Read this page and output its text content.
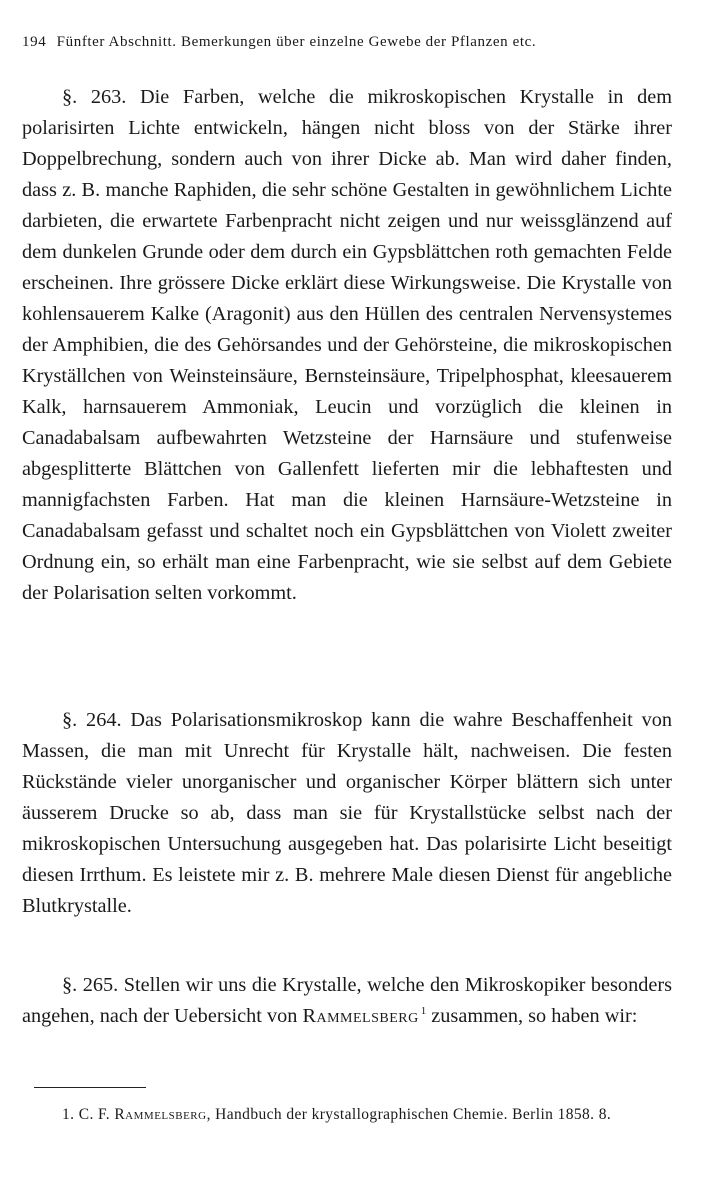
194 Fünfter Abschnitt. Bemerkungen über einzelne Gewebe der Pflanzen etc.

§. 263. Die Farben, welche die mikroskopischen Krystalle in dem polarisirten Lichte entwickeln, hängen nicht bloss von der Stärke ihrer Doppelbrechung, sondern auch von ihrer Dicke ab. Man wird daher finden, dass z. B. manche Raphiden, die sehr schöne Gestalten in gewöhnlichem Lichte darbieten, die erwartete Farbenpracht nicht zeigen und nur weissglänzend auf dem dunkelen Grunde oder dem durch ein Gypsblättchen roth gemachten Felde erscheinen. Ihre grössere Dicke erklärt diese Wirkungsweise. Die Krystalle von kohlensauerem Kalke (Aragonit) aus den Hüllen des centralen Nervensystemes der Amphibien, die des Gehörsandes und der Gehörsteine, die mikroskopischen Kryställchen von Weinsteinsäure, Bernsteinsäure, Tripelphosphat, kleesauerem Kalk, harnsauerem Ammoniak, Leucin und vorzüglich die kleinen in Canadabalsam aufbewahrten Wetzsteine der Harnsäure und stufenweise abgesplitterte Blättchen von Gallenfett lieferten mir die lebhaftesten und mannigfachsten Farben. Hat man die kleinen Harnsäure-Wetzsteine in Canadabalsam gefasst und schaltet noch ein Gypsblättchen von Violett zweiter Ordnung ein, so erhält man eine Farbenpracht, wie sie selbst auf dem Gebiete der Polarisation selten vorkommt.

§. 264. Das Polarisationsmikroskop kann die wahre Beschaffenheit von Massen, die man mit Unrecht für Krystalle hält, nachweisen. Die festen Rückstände vieler unorganischer und organischer Körper blättern sich unter äusserem Drucke so ab, dass man sie für Krystallstücke selbst nach der mikroskopischen Untersuchung ausgegeben hat. Das polarisirte Licht beseitigt diesen Irrthum. Es leistete mir z. B. mehrere Male diesen Dienst für angebliche Blutkrystalle.

§. 265. Stellen wir uns die Krystalle, welche den Mikroskopiker besonders angehen, nach der Uebersicht von Rammelsberg $^1$ zusammen, so haben wir:

1. C. F. Rammelsberg, Handbuch der krystallographischen Chemie. Berlin 1858. 8.
